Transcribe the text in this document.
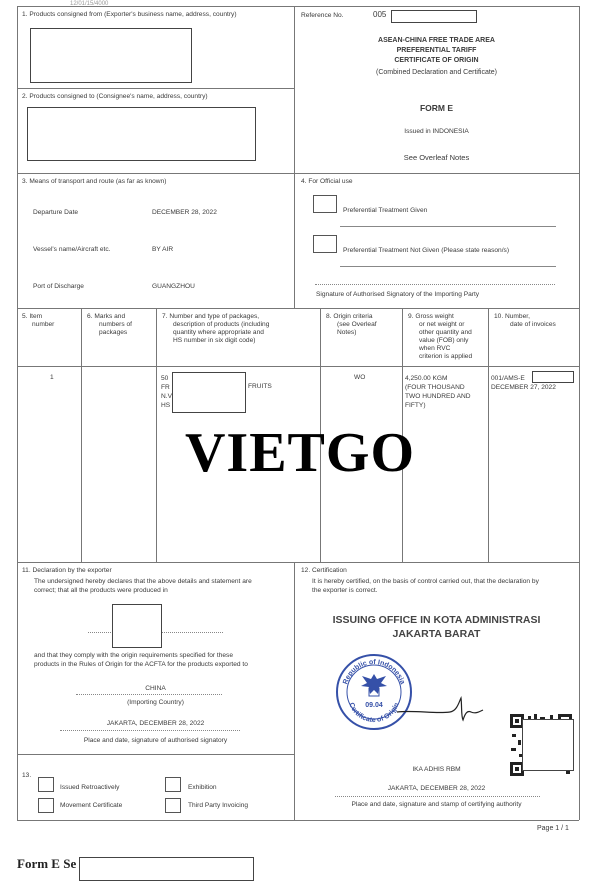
12/01/15/4000
1. Products consigned from (Exporter's business name, address, country)
2. Products consigned to (Consignee's name, address, country)
Reference No.	005
ASEAN-CHINA FREE TRADE AREA
PREFERENTIAL TARIFF
CERTIFICATE OF ORIGIN
(Combined Declaration and Certificate)
FORM E
Issued in INDONESIA
See Overleaf Notes
3. Means of transport and route (as far as known)
Departure Date	DECEMBER 28, 2022
Vessel's name/Aircraft etc.	BY AIR
Port of Discharge	GUANGZHOU
4. For Official use
Preferential Treatment Given
Preferential Treatment Not Given (Please state reason/s)
Signature of Authorised Signatory of the Importing Party
5. Item
number
6. Marks and
numbers of
packages
7. Number and type of packages,
description of products (including
quantity where appropriate and
HS number in six digit code)
8. Origin criteria
(see Overleaf
Notes)
9. Gross weight
or net weight or
other quantity and
value (FOB) only
when RVC
criterion is applied
10. Number,
date of invoices
1	50
FR
N.V
HS
FRUITS
WO	4,250.00 KGM
(FOUR THOUSAND
TWO HUNDRED AND
FIFTY)
001/AMS-E
DECEMBER 27, 2022
VIETGO
11. Declaration by the exporter
The undersigned hereby declares that the above details and statement are
correct; that all the products were produced in
and that they comply with the origin requirements specified for these
products in the Rules of Origin for the ACFTA for the products exported to
CHINA
(Importing Country)
JAKARTA, DECEMBER 28, 2022
Place and date, signature of authorised signatory
12. Certification
It is hereby certified, on the basis of control carried out, that the declaration by
the exporter is correct.
ISSUING OFFICE IN KOTA ADMINISTRASI
JAKARTA BARAT
Republic of Indonesia
Certificate of Origin
09.04
IKA ADHIS RBM
JAKARTA, DECEMBER 28, 2022
Place and date, signature and stamp of certifying authority
13.
Issued Retroactively	Exhibition
Movement Certificate	Third Party Invoicing
Page 1 / 1
Form E Se
